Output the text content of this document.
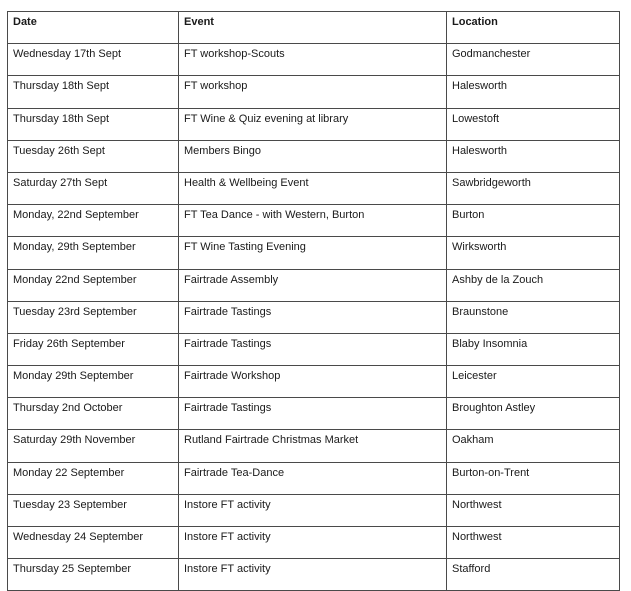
Date	Event	Location
Wednesday 17th Sept	FT workshop-Scouts	Godmanchester
Thursday 18th Sept	FT workshop	Halesworth
Thursday 18th Sept	FT Wine & Quiz evening at library	Lowestoft
Tuesday 26th Sept	Members Bingo	Halesworth
Saturday 27th Sept	Health & Wellbeing Event	Sawbridgeworth
Monday, 22nd September	FT Tea Dance - with Western, Burton	Burton
Monday, 29th September	FT Wine Tasting Evening	Wirksworth
Monday 22nd September	Fairtrade Assembly	Ashby de la Zouch
Tuesday 23rd September	Fairtrade Tastings	Braunstone
Friday 26th September	Fairtrade Tastings	Blaby Insomnia
Monday 29th September	Fairtrade Workshop	Leicester
Thursday 2nd October	Fairtrade Tastings	Broughton Astley
Saturday 29th November	Rutland Fairtrade Christmas Market	Oakham
Monday 22 September	Fairtrade Tea-Dance	Burton-on-Trent
Tuesday 23 September	Instore FT activity	Northwest
Wednesday 24 September	Instore FT activity	Northwest
Thursday 25 September	Instore FT activity	Stafford
